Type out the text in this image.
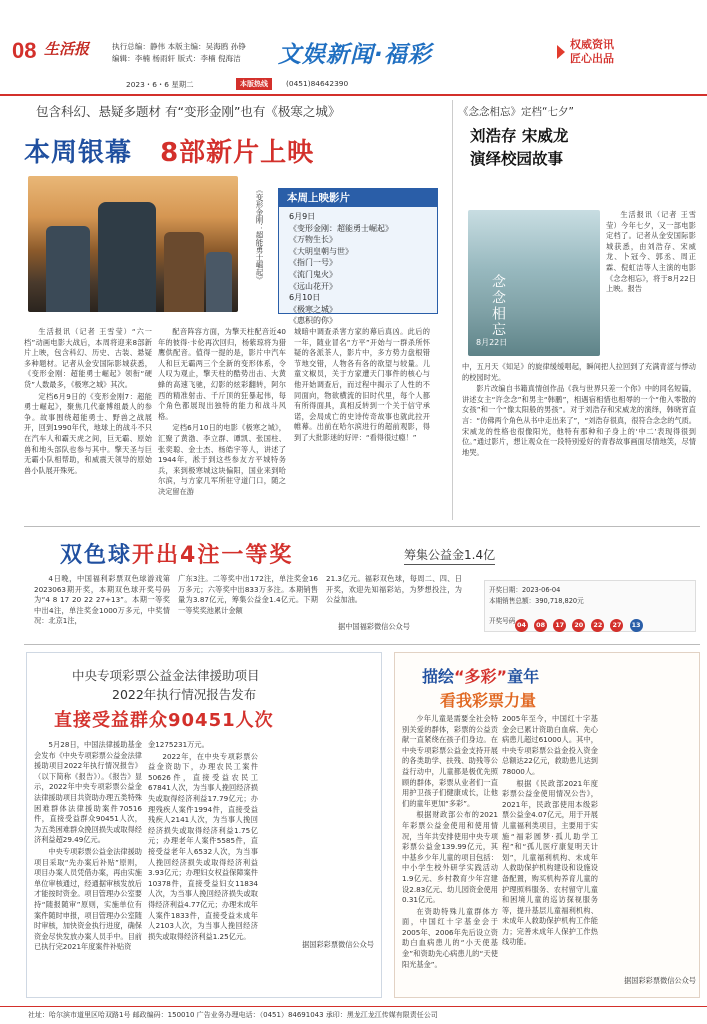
08 生活报	执行总编：静伟 本版主编：吴海鸥 孙铮
编辑：李楠 杨雨轩 版式：李楠 倪海洁 文娱新闻·福彩	权威资讯
匠心出品
2023・6・6 星期二	本版热线	(0451)84642390
包含科幻、悬疑多题材 有“变形金刚”也有《极寒之城》
本周银幕 8部新片上映
《变形金刚：超能勇士崛起》	本周上映影片
6月9日
《变形金刚：超能勇士崛起》
《万物生长》
《大明皇朝与世》
《指门一号》
《流门鬼火》
《远山花开》
6月10日
《极寒之城》
《惠积的你》

生活报讯（记者 王雪莹）“六一档”动画电影大战后，本周将迎来8部新片上映，包含科幻、历史、古装、悬疑多种题材。记者从金安国际影城获悉，《变形金刚：超能勇士崛起》领衔“硬货”人数最多，《极寒之城》其次。

定档6月9日的《变形金刚7：超能勇士崛起》，聚焦几代豪博组最人的参争。故事围绕超能勇士、野兽之战展开，回到1990年代，地球上的战斗不只在汽车人和霸天虎之间，巨无霸、原始兽和地头部队也参与其中。擎天圣与巨无霸小队相帮助，和威震天领导的原始兽小队展开殊死。

配音阵容方面，为擎天柱配音近40年的彼得·卡伦再次回归，杨紫琼将为猎鹰供配音。值得一提的是，影片中汽车人和巨无霸两三个全新的变形体系，令人叹为观止，擎天柱的酷势出击、大黄蜂的高速飞驰，幻影的炫彩翻转，阿尔西的精准射击、千斤顶的狂暴起伟，每个角色都展现出独特的能力和战斗风格。

定档6月10日的电影《极寒之城》，汇聚了黄渤、李立群、谭凯、张国柱、张奕聪、金士杰、杨皓宇等人，讲述了1944年，淞于到这些参友方平城特务兵，来到极寒城这块偏阳，国业来到哈尔滨，与方家几军所驻守道门口，随之决定留在游

城暗中调查杀害方家的幕后真凶。此后的一年，随业冒名“方平”开始与一群杀所怀疑的各派茶人，影片中，多方势力盘根错节地交错，人物各有各的欲望与较量。儿童文椒员，关于方家遭天门事件的核心与他开始调查后，而过程中揭示了人性的不同面向，物欲横流的旧时代里，每个人都有所得面具，真相反转到一个关于信守承诺，会局成亡的史诗传奇故事也就此拉开帷幕。出前在哈尔滨进行的超前观影，得到了大批影迷的好评：“看得很过瘾！”

《念念相忘》定档“七夕”
刘浩存 宋威龙
演绎校园故事
念念相忘
8月22日

生活报讯（记者 王雪莹）今年七夕，又一部电影定档了。记者从金安国际影城获悉，由刘浩存、宋威龙、卜冠今、郭丞、周正霖、倪虹洁等人主演的电影《念念相忘》，将于8月22日上映。报告

中，五月天《知足》的旋律缓缓唱起，瞬间把人拉回到了充满青涩与悸动的校园时光。

影片改编自书籍真情创作品《我与世界只差一个你》中的同名短篇，讲述女主“许念念”和男主“韩鹏”，相遇宿相惜也相辱的一个“他入零散的女孩”和一个“像太阳般的男孩”。对于刘浩存和宋威龙的演绎，韩晓宵直言：“仿佛两个角色从书中走出来了”，“刘浩存很真，很符合念念的气质。宋威龙的性格也很像阳光，他特有那种和子身上的‘中二’表现得很到位。”通过影片，想让观众在一段特别爱好的青春故事画面尽情地笑，尽情地哭。

双色球开出4注一等奖	筹集公益金1.4亿

4日晚，中国福利彩票双色球游戏第2023063期开奖，本期双色球开奖号码为“4 8 17 20 22 27+13”。本期一等奖中出4注，单注奖金1000万多元，中奖情况：北京1注，

广东3注。二等奖中出172注，单注奖金16万多元；六等奖中出833万多注。本期销售量为3.87亿元，筹集公益金1.4亿元。下期一等奖奖池累计金额

21.3亿元。福彩双色球，每周二、四、日开奖，欢迎先知福彩站，为梦想投注，为公益加油。

据中国福彩微信公众号
开奖日期：2023-06-04
本期销售总额：390,718,820元
开奖号码 04 08 17 20 22 27 13
中央专项彩票公益金法律援助项目
2022年执行情况报告发布
直接受益群众90451人次

5月28日，中国法律援助基金会发布《中央专项彩票公益金法律援助项目2022年执行情况报告》（以下简称《报告》）。《报告》显示，2022年中央专项彩票公益金法律援助项目共资助办理五类特殊困难群体法律援助案件70516件，直接受益群众90451人次，为五类困难群众挽回损失或取得经济利益超29.49亿元。

中央专项彩票公益金法律援助项目采取“先办案后补贴”原则，项目办案人员凭借办案，再由实施单位审核通过，经通据审核发放后才能按时资金。项目管理办公室要持“随报随审”原则，实施单位有案件随时申报，项目管理办公室随时审核，加快资金执行进度，确保资金尽快发放办案人员手中。目前已执行完2021年度案件补贴资

金1275231万元。

2022年，在中央专项彩票公益金资助下，办理农民工案件50626件，直接受益农民工67841人次，为当事人挽回经济损失或取得经济利益17.79亿元；办理残疾人案件1994件，直接受益残疾人2141人次，为当事人挽回经济损失或取得经济利益1.75亿元；办理老年人案件5585件，直接受益老年人6532人次，为当事人挽回经济损失或取得经济利益3.93亿元；办理妇女权益保障案件10378件，直接受益妇女11834人次，为当事人挽回经济损失或取得经济利益4.77亿元；办理未成年人案件1833件，直接受益未成年人2103人次，为当事人挽回经济损失或取得经济利益1.25亿元。

据国彩彩票微信公众号

描绘“多彩”童年
看我彩票力量

少年儿童是需要全社会特别关爱的群体，彩票的公益贡献一直紧绕在孩子们身边。在中央专项彩票公益金支持开展的各类助学、扶残、助残等公益行动中，儿童都是极优先照顾的群体，彩票从业者们一直用护卫孩子们健康成长，让他们的童年更加“多彩”。

根据财政部公布的2021年彩票公益金使用和使用情况，当年共安排使用中央专项彩票公益金139.99亿元，其中基乡少年儿童的项目包括：中小学生校外研学实践活动1.9亿元、乡村教育少年宫建设2.83亿元、幼儿园资金使用0.31亿元。

在资助特殊儿童群体方面，中国红十字基金会于2005年、2006年先后设立资助白血病患儿的“小天使基金”和资助先心病患儿的“天使阳光基金”。

2005年至今，中国红十字基金会已累计资助白血病、先心病患儿超过61000人。其中，中央专项彩票公益金投入资金总额达22亿元，救助患儿达到78000人。

根据《民政部2021年度彩票公益金使用情况公告》，2021年，民政部使用本级彩票公益金4.07亿元，用于开展儿童福利类项目，主要用于实施“福彩圆梦·孤儿助学工程”和“孤儿医疗康复明天计划”，儿童福利机构、未成年人救助保护机构建设和设施设备配置，购买机构养育儿童的护理照料服务、农村留守儿童和困境儿童的巡访探视服务等，提升基层儿童福利机构、未成年人救助保护机构工作能力；完善未成年人保护工作热线功能。

据国彩彩票微信公众号

社址：哈尔滨市道里区哈双路1号 邮政编码：150010 广告业务办理电话：（0451）84691043 承印：黑龙江龙江传媒有限责任公司
